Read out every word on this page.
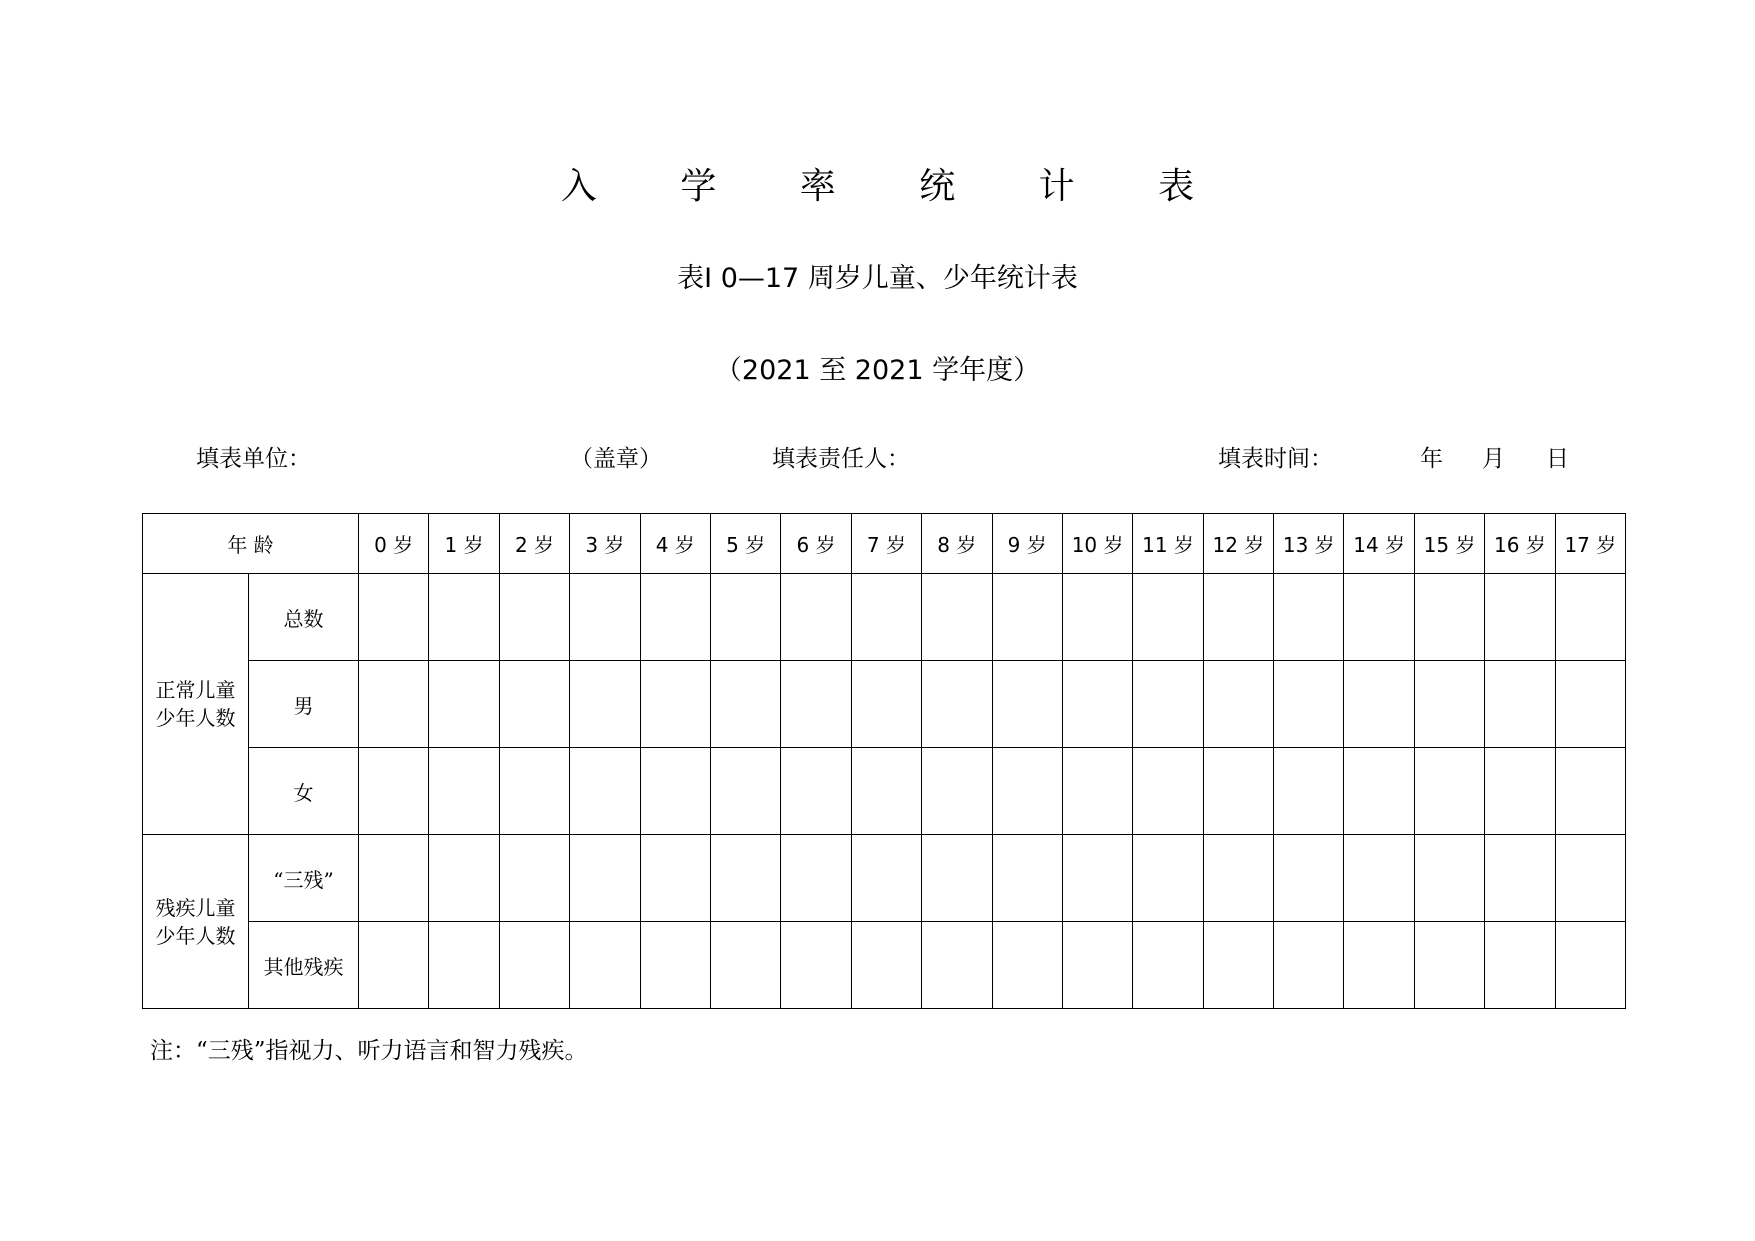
入 学 率 统 计 表
表Ⅰ 0—17 周岁儿童、少年统计表
（2021 至 2021 学年度）
填表单位：	（盖章）	填表责任人：	填表时间：	年 月 日
年 龄		0 岁	1 岁	2 岁	3 岁	4 岁	5 岁	6 岁	7 岁	8 岁	9 岁	10 岁	11 岁	12 岁	13 岁	14 岁	15 岁	16 岁	17 岁

正常儿童
少年人数	总数																		
	男																		
	女																		

残疾儿童
少年人数	“三残”																		
	其他残疾																		
注：“三残”指视力、听力语言和智力残疾。
